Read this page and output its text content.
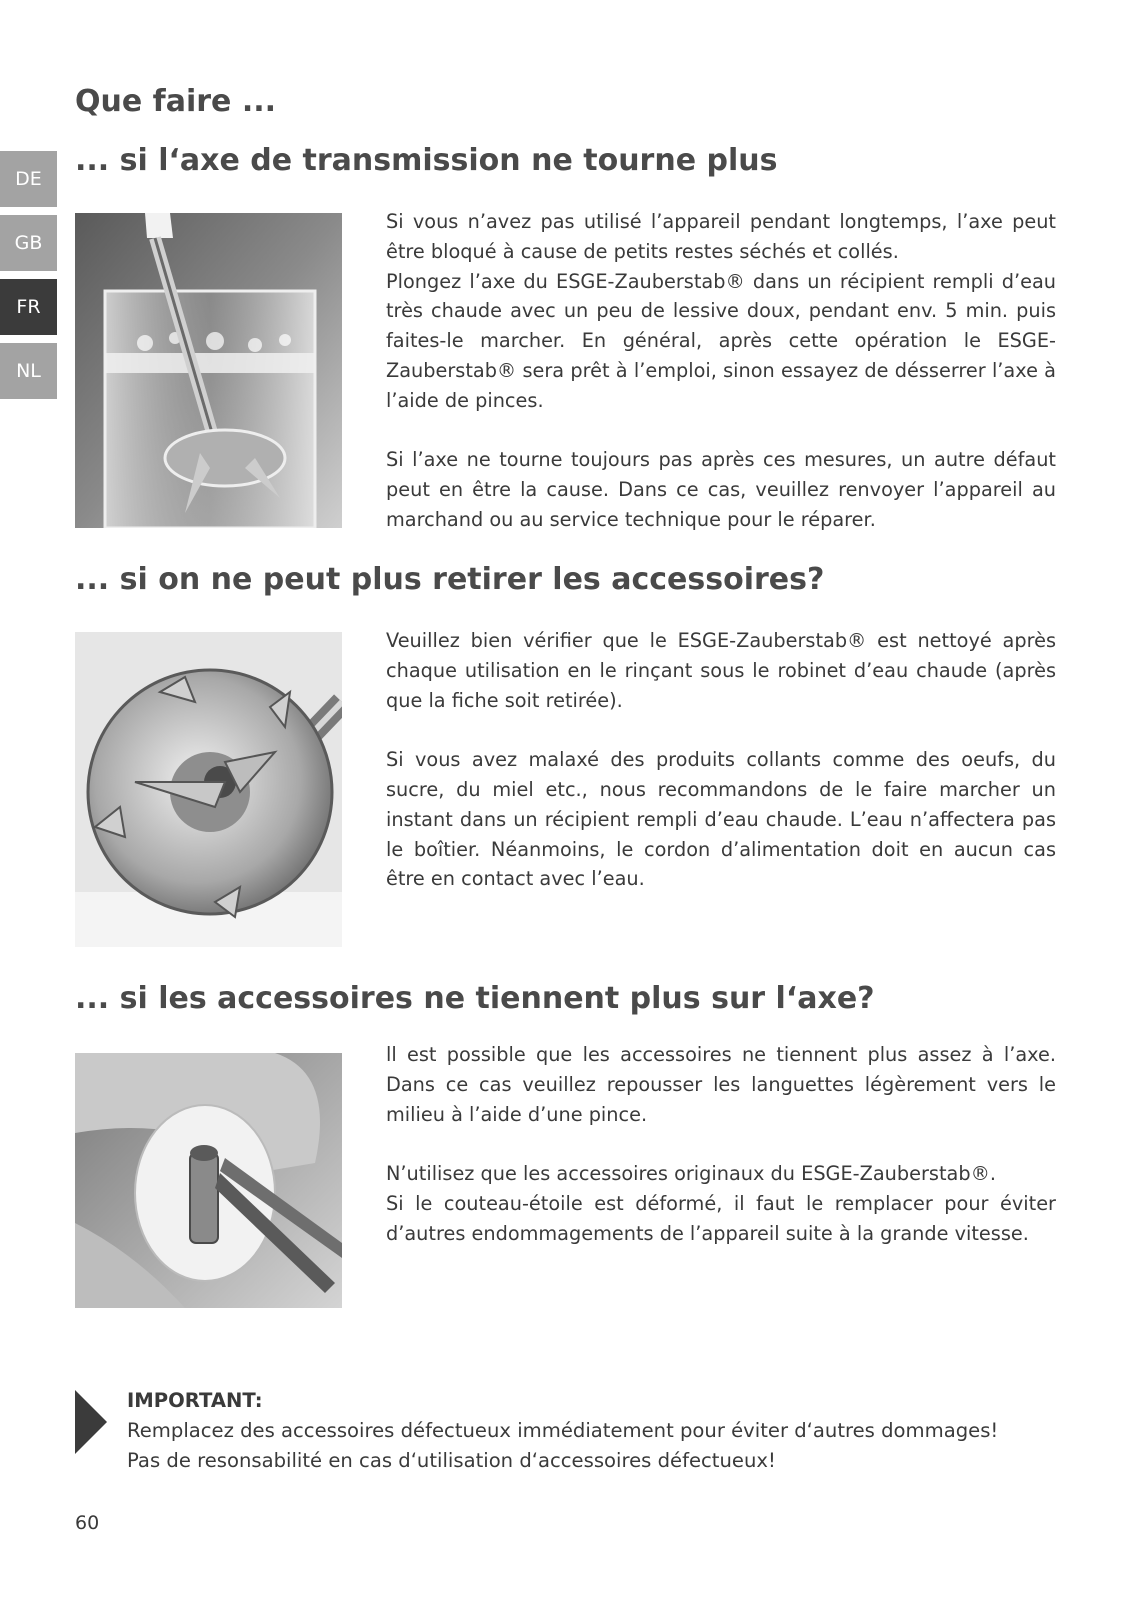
DE
GB
FR
NL
Que faire ...
... si l‘axe de transmission ne tourne plus

Si vous n’avez pas utilisé l’appareil pendant longtemps, l’axe peut être bloqué à cause de petits restes séchés et collés.

Plongez l’axe du ESGE-Zauberstab® dans un récipient rempli d’eau très chaude avec un peu de lessive doux, pendant env. 5 min. puis faites-le marcher. En général, après cette opération le ESGE-Zauberstab® sera prêt à l’emploi, sinon essayez de désserrer l’axe à l’aide de pinces.

Si l’axe ne tourne toujours pas après ces mesures, un autre défaut peut en être la cause. Dans ce cas, veuillez renvoyer l’appareil au marchand ou au service technique pour le réparer.

... si on ne peut plus retirer les accessoires?

Veuillez bien vérifier que le ESGE-Zauberstab® est nettoyé après chaque utilisation en le rinçant sous le robinet d’eau chaude (après que la fiche soit retirée).

Si vous avez malaxé des produits collants comme des oeufs, du sucre, du miel etc., nous recommandons de le faire marcher un instant dans un récipient rempli d’eau chaude. L’eau n’affectera pas le boîtier. Néanmoins, le cordon d’alimentation doit en aucun cas être en contact avec l’eau.

... si les accessoires ne tiennent plus sur l‘axe?

ll est possible que les accessoires ne tiennent plus assez à l’axe. Dans ce cas veuillez repousser les languettes légèrement vers le milieu à l’aide d’une pince.

N’utilisez que les accessoires originaux du ESGE-Zauberstab®.

Si le couteau-étoile est déformé, il faut le remplacer pour éviter d’autres endommagements de l’appareil suite à la grande vitesse.

IMPORTANT:
Remplacez des accessoires défectueux immédiatement pour éviter d‘autres dommages!
Pas de resonsabilité en cas d‘utilisation d‘accessoires défectueux!
60
